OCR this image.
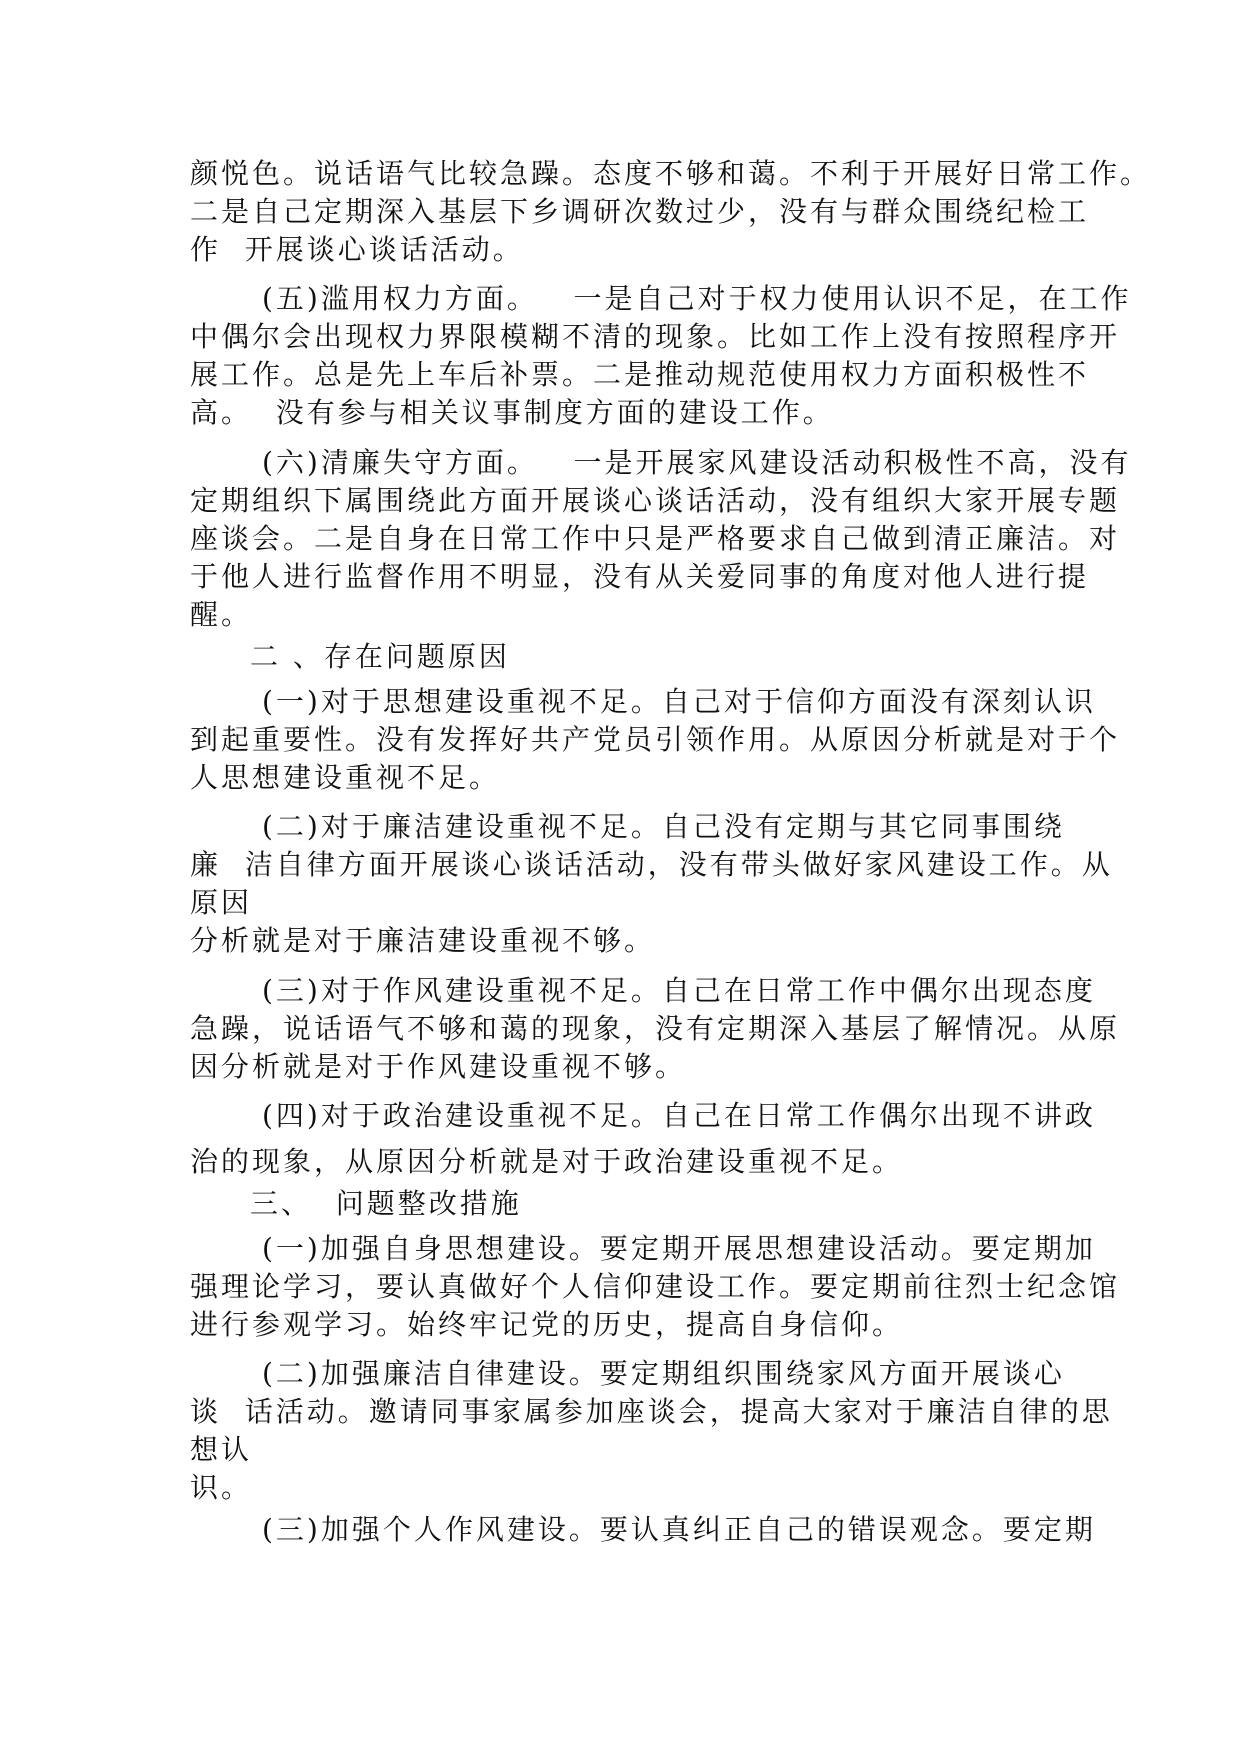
颜悦色。说话语气比较急躁。态度不够和蔼。不利于开展好日常工作。
二是自己定期深入基层下乡调研次数过少，没有与群众围绕纪检工
作  开展谈心谈话活动。
(五)滥用权力方面。   一是自己对于权力使用认识不足，在工作
中偶尔会出现权力界限模糊不清的现象。比如工作上没有按照程序开
展工作。总是先上车后补票。二是推动规范使用权力方面积极性不
高。  没有参与相关议事制度方面的建设工作。
(六)清廉失守方面。   一是开展家风建设活动积极性不高，没有
定期组织下属围绕此方面开展谈心谈话活动，没有组织大家开展专题
座谈会。二是自身在日常工作中只是严格要求自己做到清正廉洁。对
于他人进行监督作用不明显，没有从关爱同事的角度对他人进行提
醒。
二 、存在问题原因
(一)对于思想建设重视不足。自己对于信仰方面没有深刻认识
到起重要性。没有发挥好共产党员引领作用。从原因分析就是对于个
人思想建设重视不足。
(二)对于廉洁建设重视不足。自己没有定期与其它同事围绕
廉  洁自律方面开展谈心谈话活动，没有带头做好家风建设工作。从
原因
分析就是对于廉洁建设重视不够。
(三)对于作风建设重视不足。自己在日常工作中偶尔出现态度
急躁，说话语气不够和蔼的现象，没有定期深入基层了解情况。从原
因分析就是对于作风建设重视不够。
(四)对于政治建设重视不足。自己在日常工作偶尔出现不讲政
治的现象，从原因分析就是对于政治建设重视不足。
三、  问题整改措施
(一)加强自身思想建设。要定期开展思想建设活动。要定期加
强理论学习，要认真做好个人信仰建设工作。要定期前往烈士纪念馆
进行参观学习。始终牢记党的历史，提高自身信仰。
(二)加强廉洁自律建设。要定期组织围绕家风方面开展谈心
谈  话活动。邀请同事家属参加座谈会，提高大家对于廉洁自律的思
想认
识。
(三)加强个人作风建设。要认真纠正自己的错误观念。要定期
